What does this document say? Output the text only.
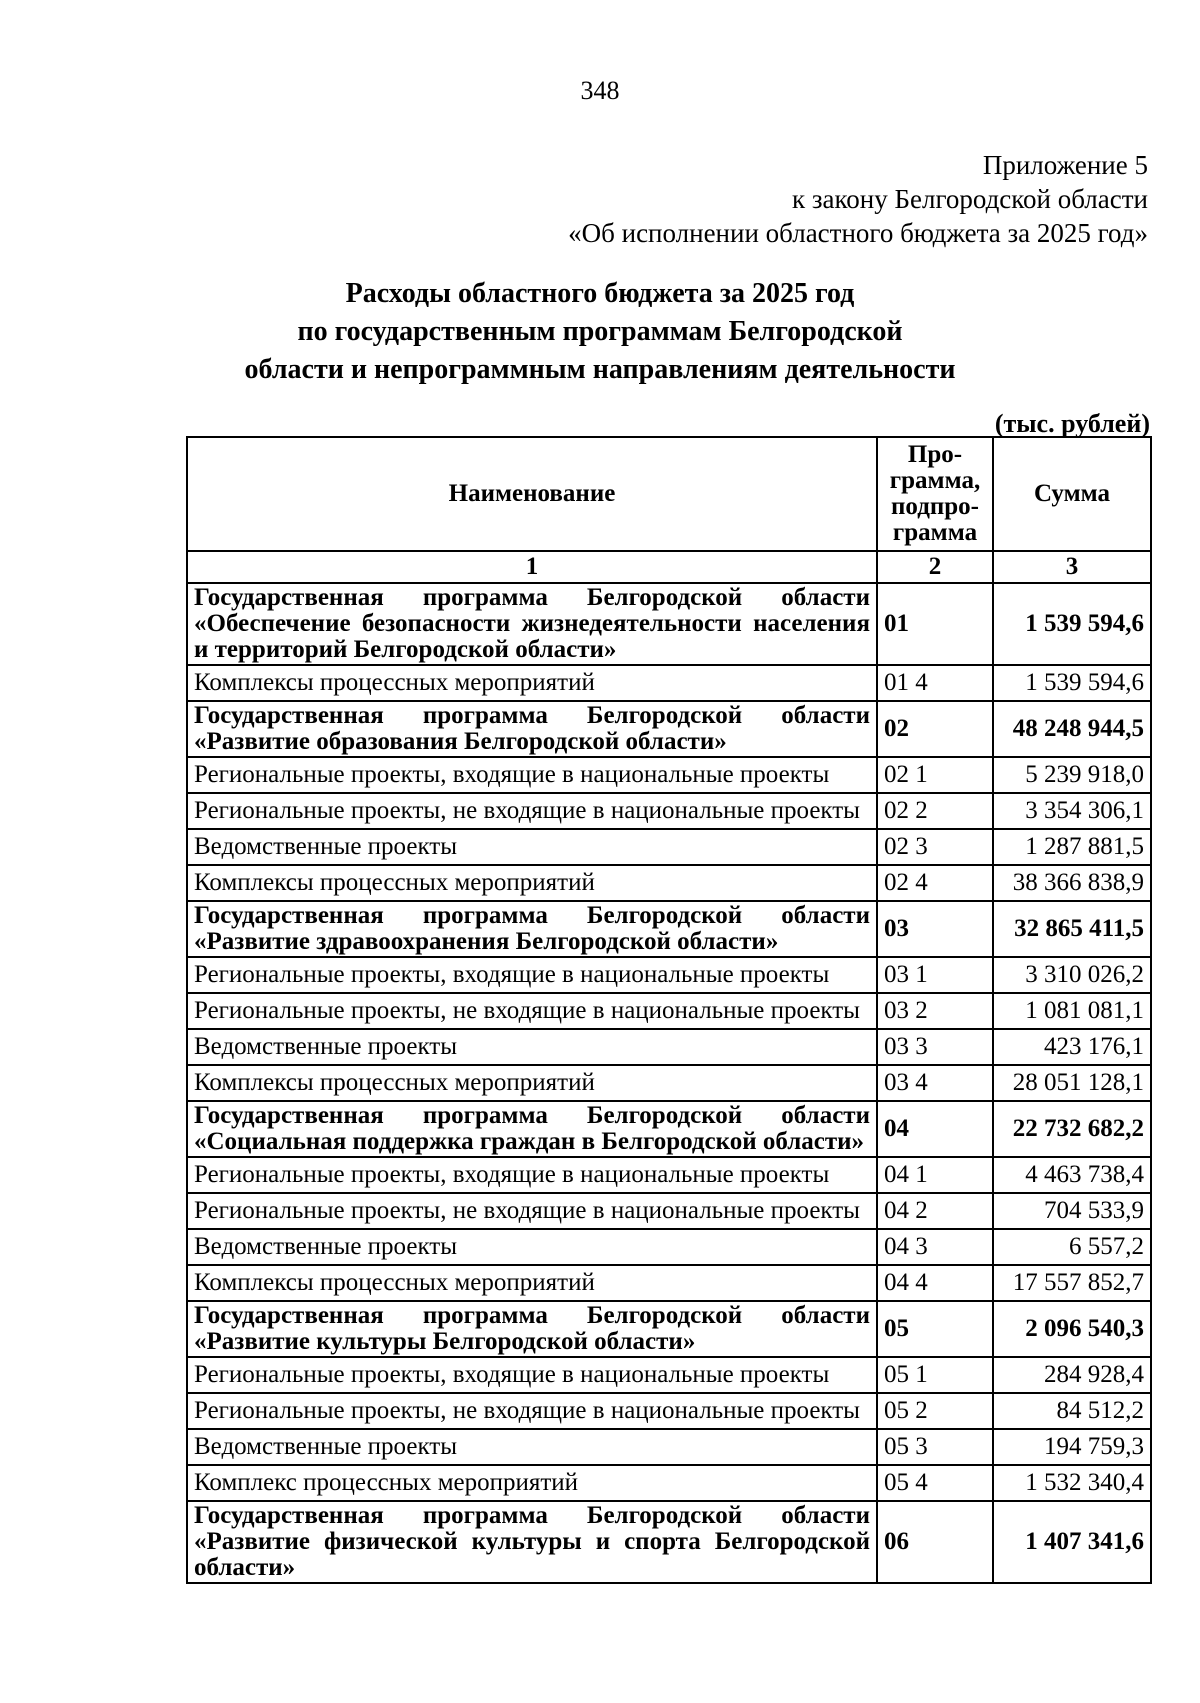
348
Приложение 5
к закону Белгородской области
«Об исполнении областного бюджета за 2025 год»
Расходы областного бюджета за 2025 год
по государственным программам Белгородской
области и непрограммным направлениям деятельности
(тыс. рублей)
Наименование	Про-
грамма,
подпро-
грамма	Сумма
1	2	3
Государственная программа Белгородской области «Обеспечение безопасности жизнедеятельности населения и территорий Белгородской области»	01	1 539 594,6
Комплексы процессных мероприятий	01 4	1 539 594,6
Государственная программа Белгородской области «Развитие образования Белгородской области»	02	48 248 944,5
Региональные проекты, входящие в национальные проекты	02 1	5 239 918,0
Региональные проекты, не входящие в национальные проекты	02 2	3 354 306,1
Ведомственные проекты	02 3	1 287 881,5
Комплексы процессных мероприятий	02 4	38 366 838,9
Государственная программа Белгородской области «Развитие здравоохранения Белгородской области»	03	32 865 411,5
Региональные проекты, входящие в национальные проекты	03 1	3 310 026,2
Региональные проекты, не входящие в национальные проекты	03 2	1 081 081,1
Ведомственные проекты	03 3	423 176,1
Комплексы процессных мероприятий	03 4	28 051 128,1
Государственная программа Белгородской области «Социальная поддержка граждан в Белгородской области»	04	22 732 682,2
Региональные проекты, входящие в национальные проекты	04 1	4 463 738,4
Региональные проекты, не входящие в национальные проекты	04 2	704 533,9
Ведомственные проекты	04 3	6 557,2
Комплексы процессных мероприятий	04 4	17 557 852,7
Государственная программа Белгородской области «Развитие культуры Белгородской области»	05	2 096 540,3
Региональные проекты, входящие в национальные проекты	05 1	284 928,4
Региональные проекты, не входящие в национальные проекты	05 2	84 512,2
Ведомственные проекты	05 3	194 759,3
Комплекс процессных мероприятий	05 4	1 532 340,4
Государственная программа Белгородской области «Развитие физической культуры и спорта Белгородской области»	06	1 407 341,6
